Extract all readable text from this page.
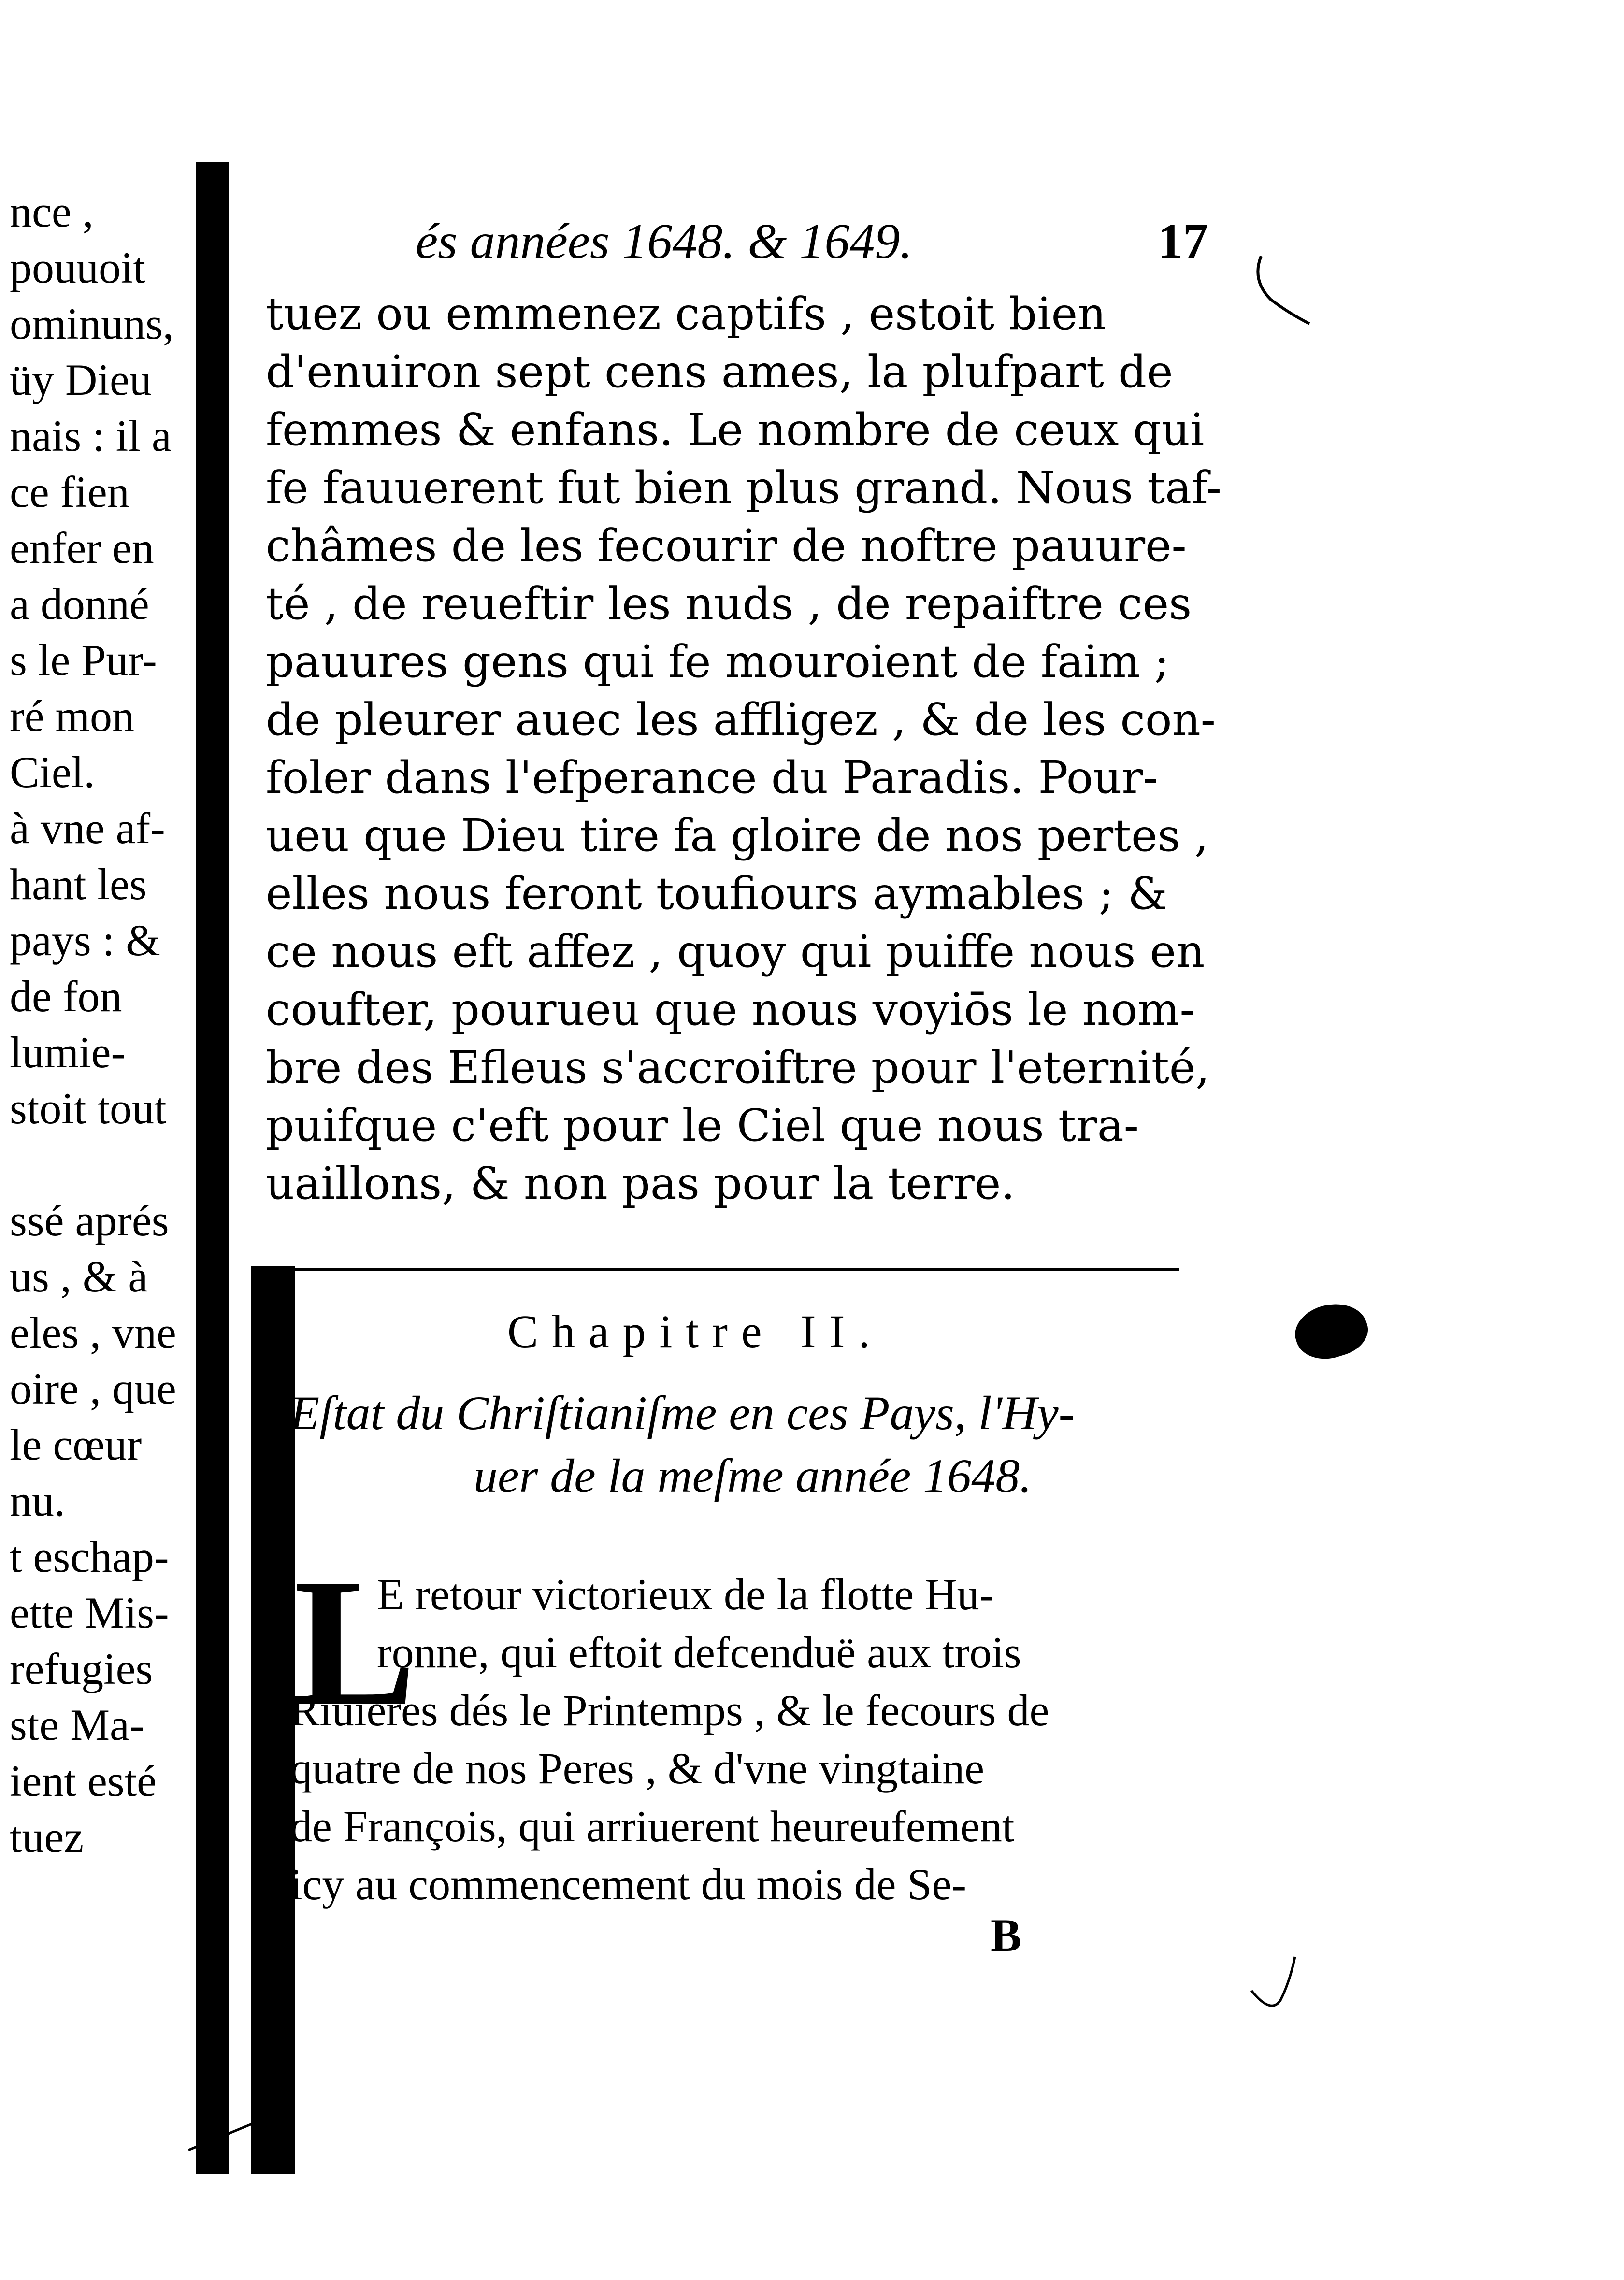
nce ,
pouuoit
ominuns,
üy Dieu
nais : il a
ce fien
enfer en
a donné
s le Pur-
ré mon
Ciel.
à vne af-
hant les
pays : &
de fon
lumie-
stoit tout
ssé aprés
us , & à
eles , vne
oire , que
le cœur
nu.
t eschap-
ette Mis-
refugies
ste Ma-
ient esté
tuez
és années 1648. & 1649.	17
tuez ou emmenez captifs , estoit bien
d'enuiron sept cens ames, la plufpart de
femmes & enfans. Le nombre de ceux qui
fe fauuerent fut bien plus grand. Nous taf-
châmes de les fecourir de noftre pauure-
té , de reueftir les nuds , de repaiftre ces
pauures gens qui fe mouroient de faim ;
de pleurer auec les affligez , & de les con-
foler dans l'efperance du Paradis. Pour-
ueu que Dieu tire fa gloire de nos pertes ,
elles nous feront toufiours aymables ; &
ce nous eft affez , quoy qui puiffe nous en
coufter, pourueu que nous voyiōs le nom-
bre des Efleus s'accroiftre pour l'eternité,
puifque c'eft pour le Ciel que nous tra-
uaillons, & non pas pour la terre.
Chapitre II.
Eſtat du Chriſtianiſme en ces Pays, l'Hy-
uer de la meſme année 1648.
L
E retour victorieux de la flotte Hu-
ronne, qui eftoit defcenduë aux trois
Riuieres dés le Printemps , & le fecours de
quatre de nos Peres , & d'vne vingtaine
de François, qui arriuerent heureufement
icy au commencement du mois de Se-
B
